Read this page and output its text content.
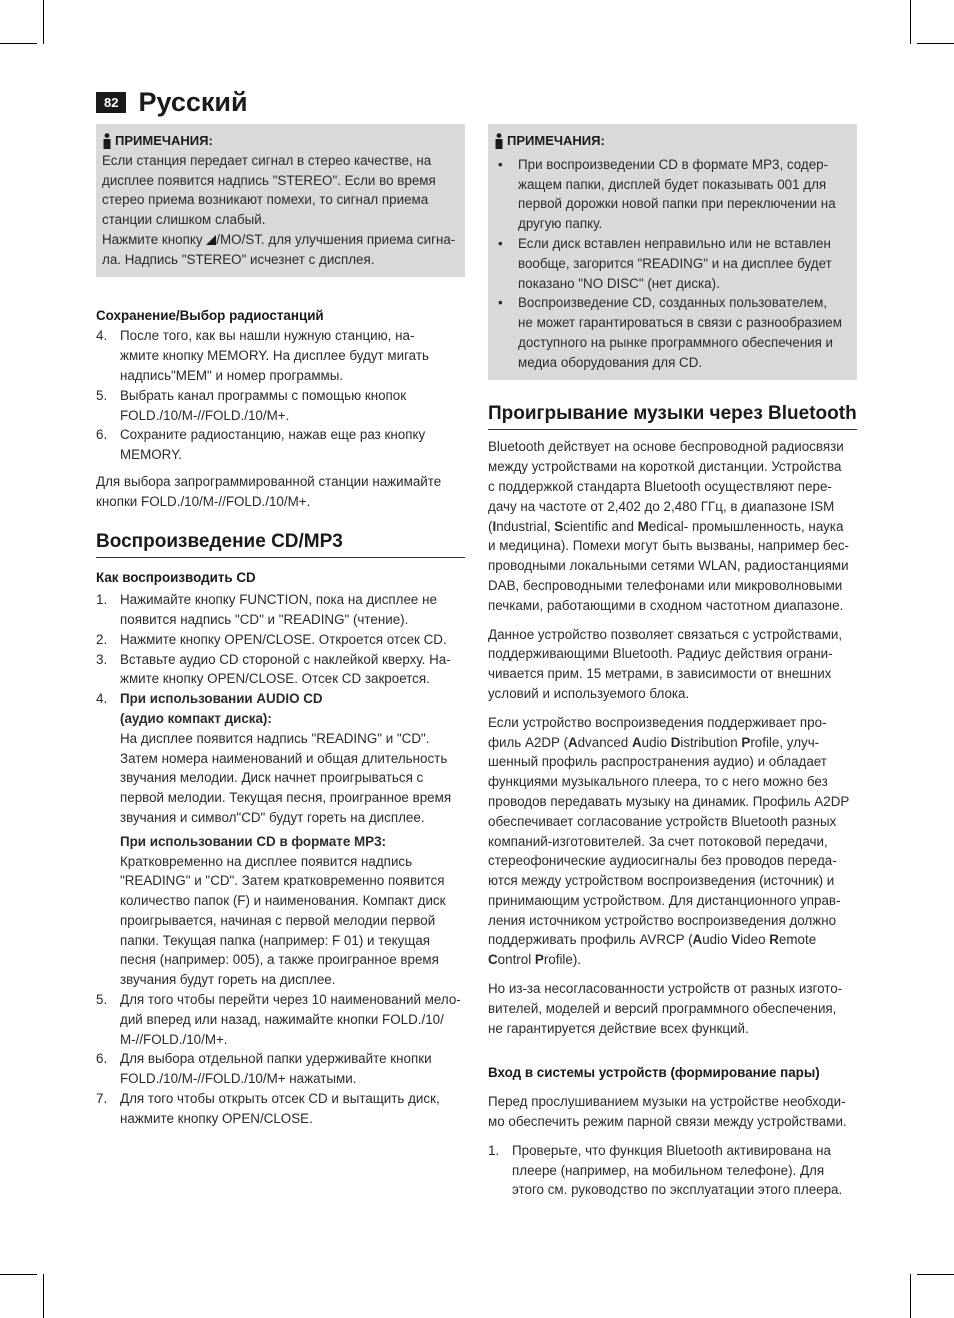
82 Русский
ПРИМЕЧАНИЯ:

Если станция передает сигнал в стерео качестве, на

дисплее появится надпись "STEREO". Если во время

стерео приема возникают помехи, то сигнал приема

станции слишком слабый.

Нажмите кнопку /MO/ST. для улучшения приема сигна-

ла. Надпись "STEREO" исчезнет с дисплея.

Сохранение/Выбор радиостанций

4. После того, как вы нашли нужную станцию, на-
жмите кнопку MEMORY. На дисплее будут мигать
надпись"MEM" и номер программы.
5. Выбрать канал программы с помощью кнопок
FOLD./10/M-//FOLD./10/M+.
6. Сохраните радиостанцию, нажав еще раз кнопку
MEMORY.
Для выбора запрограммированной станции нажимайте
кнопки FOLD./10/M-//FOLD./10/M+.
Воспроизведение CD/MP3

Как воспроизводить CD

1. Нажимайте кнопку FUNCTION, пока на дисплее не
появится надпись "CD" и "READING" (чтение).
2. Нажмите кнопку OPEN/CLOSE. Откроется отсек CD.
3. Вставьте аудио CD стороной с наклейкой кверху. На-
жмите кнопку OPEN/CLOSE. Отсек CD закроется.
4. При использовании AUDIO CD
(аудио компакт диска):
На дисплее появится надпись "READING" и "CD".
Затем номера наименований и общая длительность
звучания мелодии. Диск начнет проигрываться с
первой мелодии. Текущая песня, проигранное время
звучания и символ"CD" будут гореть на дисплее.
При использовании CD в формате MP3:
Кратковременно на дисплее появится надпись
"READING" и "CD". Затем кратковременно появится
количество папок (F) и наименования. Компакт диск
проигрывается, начиная с первой мелодии первой
папки. Текущая папка (например: F 01) и текущая
песня (например: 005), а также проигранное время
звучания будут гореть на дисплее.
5. Для того чтобы перейти через 10 наименований мело-
дий вперед или назад, нажимайте кнопки FOLD./10/
M-//FOLD./10/M+.
6. Для выбора отдельной папки удерживайте кнопки
FOLD./10/M-//FOLD./10/M+ нажатыми.
7. Для того чтобы открыть отсек CD и вытащить диск,
нажмите кнопку OPEN/CLOSE.
ПРИМЕЧАНИЯ:
• При воспроизведении CD в формате MP3, содер-
жащем папки, дисплей будет показывать 001 для
первой дорожки новой папки при переключении на
другую папку.
• Если диск вставлен неправильно или не вставлен
вообще, загорится "READING" и на дисплее будет
показано "NO DISC" (нет диска).
• Воспроизведение CD, созданных пользователем,
не может гарантироваться в связи с разнообразием
доступного на рынке программного обеспечения и
медиа оборудования для CD.
Проигрывание музыки через Bluetooth
Bluetooth действует на основе беспроводной радиосвязи
между устройствами на короткой дистанции. Устройства
с поддержкой стандарта Bluetooth осуществляют пере-
дачу на частоте от 2,402 до 2,480 ГГц, в диапазоне ISM
(Industrial, Scientific and Medical- промышленность, наука
и медицина). Помехи могут быть вызваны, например бес-
проводными локальными сетями WLAN, радиостанциями
DAB, беспроводными телефонами или микроволновыми
печками, работающими в сходном частотном диапазоне.
Данное устройство позволяет связаться с устройствами,
поддерживающими Bluetooth. Радиус действия ограни-
чивается прим. 15 метрами, в зависимости от внешних
условий и используемого блока.
Если устройство воспроизведения поддерживает про-
филь A2DP (Advanced Audio Distribution Profile, улуч-
шенный профиль распространения аудио) и обладает
функциями музыкального плеера, то с него можно без
проводов передавать музыку на динамик. Профиль A2DP
обеспечивает согласование устройств Bluetooth разных
компаний-изготовителей. За счет потоковой передачи,
стереофонические аудиосигналы без проводов переда-
ются между устройством воспроизведения (источник) и
принимающим устройством. Для дистанционного управ-
ления источником устройство воспроизведения должно
поддерживать профиль AVRCP (Audio Video Remote
Control Profile).
Но из-за несогласованности устройств от разных изгото-
вителей, моделей и версий программного обеспечения,
не гарантируется действие всех функций.

Вход в системы устройств (формирование пары)

Перед прослушиванием музыки на устройстве необходи-
мо обеспечить режим парной связи между устройствами.
1. Проверьте, что функция Bluetooth активирована на
плеере (например, на мобильном телефоне). Для
этого см. руководство по эксплуатации этого плеера.
